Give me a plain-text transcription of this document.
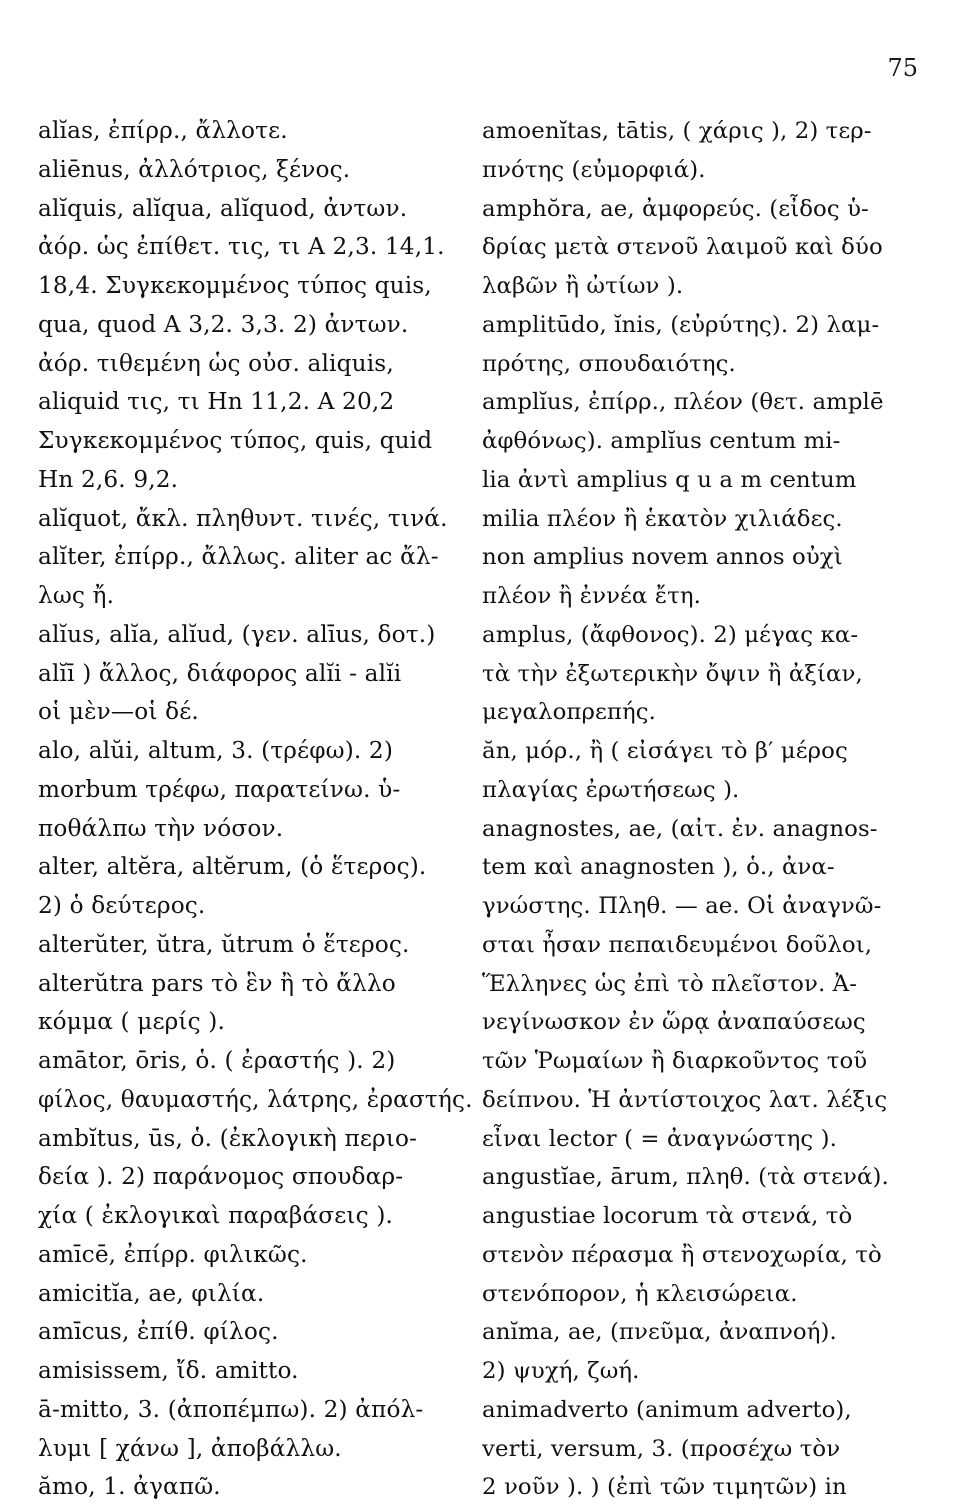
75
alĭas, ἐπίρρ., ἄλλοτε.
aliēnus, ἀλλότριος, ξένος.
alĭquis, alĭqua, alĭquod, ἀντων.
ἀόρ. ὡς ἐπίθετ. τις, τι A 2,3. 14,1.
18,4. Συγκεκομμένος τύπος quis,
qua, quod A 3,2. 3,3. 2) ἀντων.
ἀόρ. τιθεμένη ὡς οὐσ. aliquis,
aliquid τις, τι Hn 11,2. A 20,2
Συγκεκομμένος τύπος, quis, quid
Hn 2,6. 9,2.
alĭquot, ἄκλ. πληθυντ. τινές, τινά.
alĭter, ἐπίρρ., ἄλλως. aliter ac ἄλ-
λως ἤ.
alĭus, alĭa, alĭud, (γεν. alīus, δοτ.)
alĭī ) ἄλλος, διάφορος alĭi - alĭi
οἱ μὲν—οἱ δέ.
alo, alŭi, altum, 3. (τρέφω). 2)
morbum τρέφω, παρατείνω. ὑ-
ποθάλπω τὴν νόσον.
alter, altĕra, altĕrum, (ὁ ἕτερος).
2) ὁ δεύτερος.
alterŭter, ŭtra, ŭtrum ὁ ἕτερος.
alterŭtra pars τὸ ἓν ἢ τὸ ἄλλο
κόμμα ( μερίς ).
amātor, ōris, ὁ. ( ἐραστής ). 2)
φίλος, θαυμαστής, λάτρης, ἐραστής.
ambĭtus, ūs, ὁ. (ἐκλογικὴ περιο-
δεία ). 2) παράνομος σπουδαρ-
χία ( ἐκλογικαὶ παραβάσεις ).
amīcē, ἐπίρρ. φιλικῶς.
amicitĭa, ae, φιλία.
amīcus, ἐπίθ. φίλος.
amisissem, ἴδ. amitto.
ā-mitto, 3. (ἀποπέμπω). 2) ἀπόλ-
λυμι [ χάνω ], ἀποβάλλω.
ămo, 1. ἀγαπῶ.
amoenĭtas, tātis, ( χάρις ), 2) τερ-
πνότης (εὐμορφιά).
amphŏra, ae, ἀμφορεύς. (εἶδος ὑ-
δρίας μετὰ στενοῦ λαιμοῦ καὶ δύο
λαβῶν ἢ ὠτίων ).
amplitūdo, ĭnis, (εὐρύτης). 2) λαμ-
πρότης, σπουδαιότης.
amplĭus, ἐπίρρ., πλέον (θετ. amplē
ἀφθόνως). amplĭus centum mi-
lia ἀντὶ amplius q u a m centum
milia πλέον ἢ ἑκατὸν χιλιάδες.
non amplius novem annos οὐχὶ
πλέον ἢ ἐννέα ἔτη.
amplus, (ἄφθονος). 2) μέγας κα-
τὰ τὴν ἐξωτερικὴν ὄψιν ἢ ἀξίαν,
μεγαλοπρεπής.
ăn, μόρ., ἢ ( εἰσάγει τὸ β′ μέρος
πλαγίας ἐρωτήσεως ).
anagnostes, ae, (αἰτ. ἐν. anagnos-
tem καὶ anagnosten ), ὁ., ἀνα-
γνώστης. Πληθ. — ae. Οἱ ἀναγνῶ-
σται ἦσαν πεπαιδευμένοι δοῦλοι,
Ἕλληνες ὡς ἐπὶ τὸ πλεῖστον. Ἀ-
νεγίνωσκον ἐν ὥρᾳ ἀναπαύσεως
τῶν Ῥωμαίων ἢ διαρκοῦντος τοῦ
δείπνου. Ἡ ἀντίστοιχος λατ. λέξις
εἶναι lector ( = ἀναγνώστης ).
angustĭae, ārum, πληθ. (τὰ στενά).
angustiae locorum τὰ στενά, τὸ
στενὸν πέρασμα ἢ στενοχωρία, τὸ
στενόπορον, ἡ κλεισώρεια.
anĭma, ae, (πνεῦμα, ἀναπνοή).
2) ψυχή, ζωή.
animadverto (animum adverto),
verti, versum, 3. (προσέχω τὸν
2 νοῦν ). ) (ἐπὶ τῶν τιμητῶν) in
